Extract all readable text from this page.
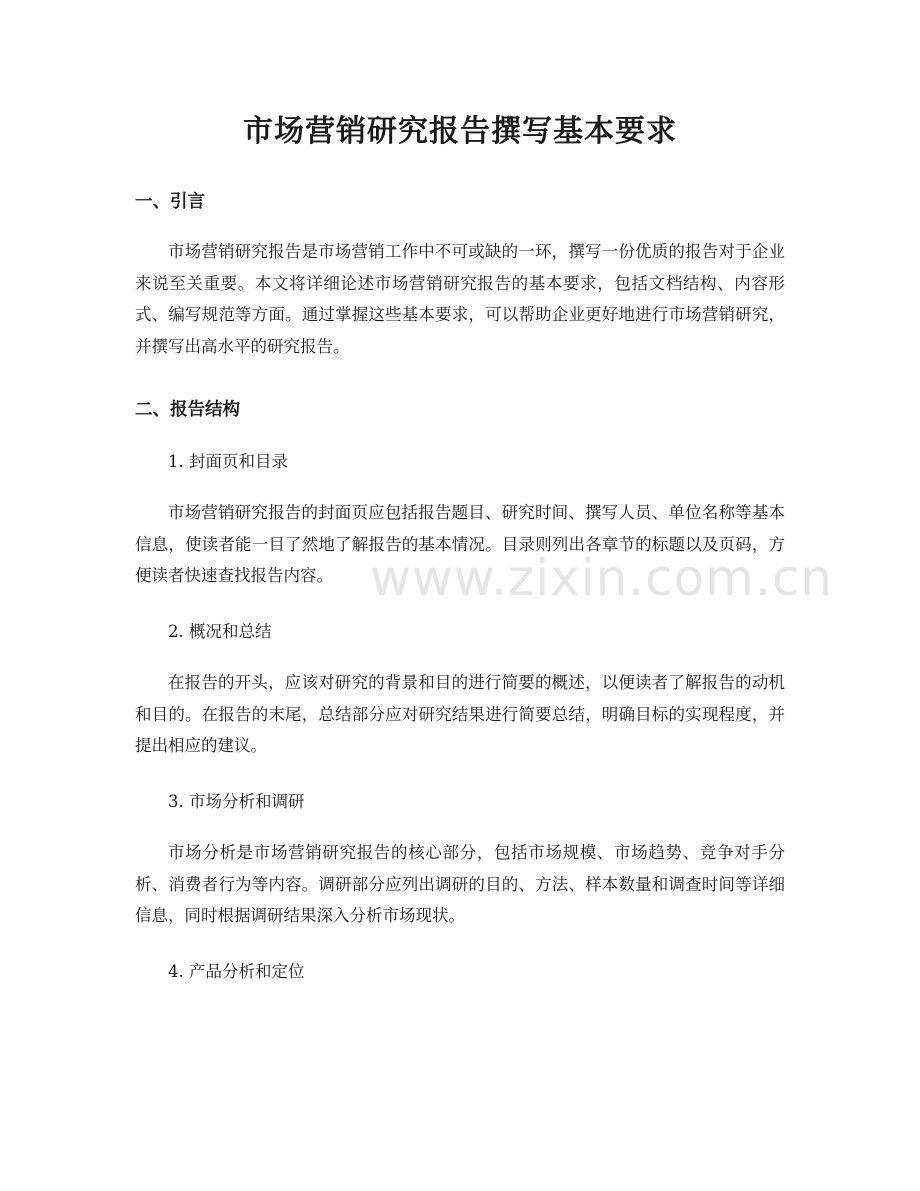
市场营销研究报告撰写基本要求
一、引言

市场营销研究报告是市场营销工作中不可或缺的一环，撰写一份优质的报告对于企业来说至关重要。本文将详细论述市场营销研究报告的基本要求，包括文档结构、内容形式、编写规范等方面。通过掌握这些基本要求，可以帮助企业更好地进行市场营销研究，并撰写出高水平的研究报告。

二、报告结构

1. 封面页和目录

市场营销研究报告的封面页应包括报告题目、研究时间、撰写人员、单位名称等基本信息，使读者能一目了然地了解报告的基本情况。目录则列出各章节的标题以及页码，方便读者快速查找报告内容。

2. 概况和总结

在报告的开头，应该对研究的背景和目的进行简要的概述，以便读者了解报告的动机和目的。在报告的末尾，总结部分应对研究结果进行简要总结，明确目标的实现程度，并提出相应的建议。

3. 市场分析和调研

市场分析是市场营销研究报告的核心部分，包括市场规模、市场趋势、竞争对手分析、消费者行为等内容。调研部分应列出调研的目的、方法、样本数量和调查时间等详细信息，同时根据调研结果深入分析市场现状。

4. 产品分析和定位

www.zixin.com.cn
